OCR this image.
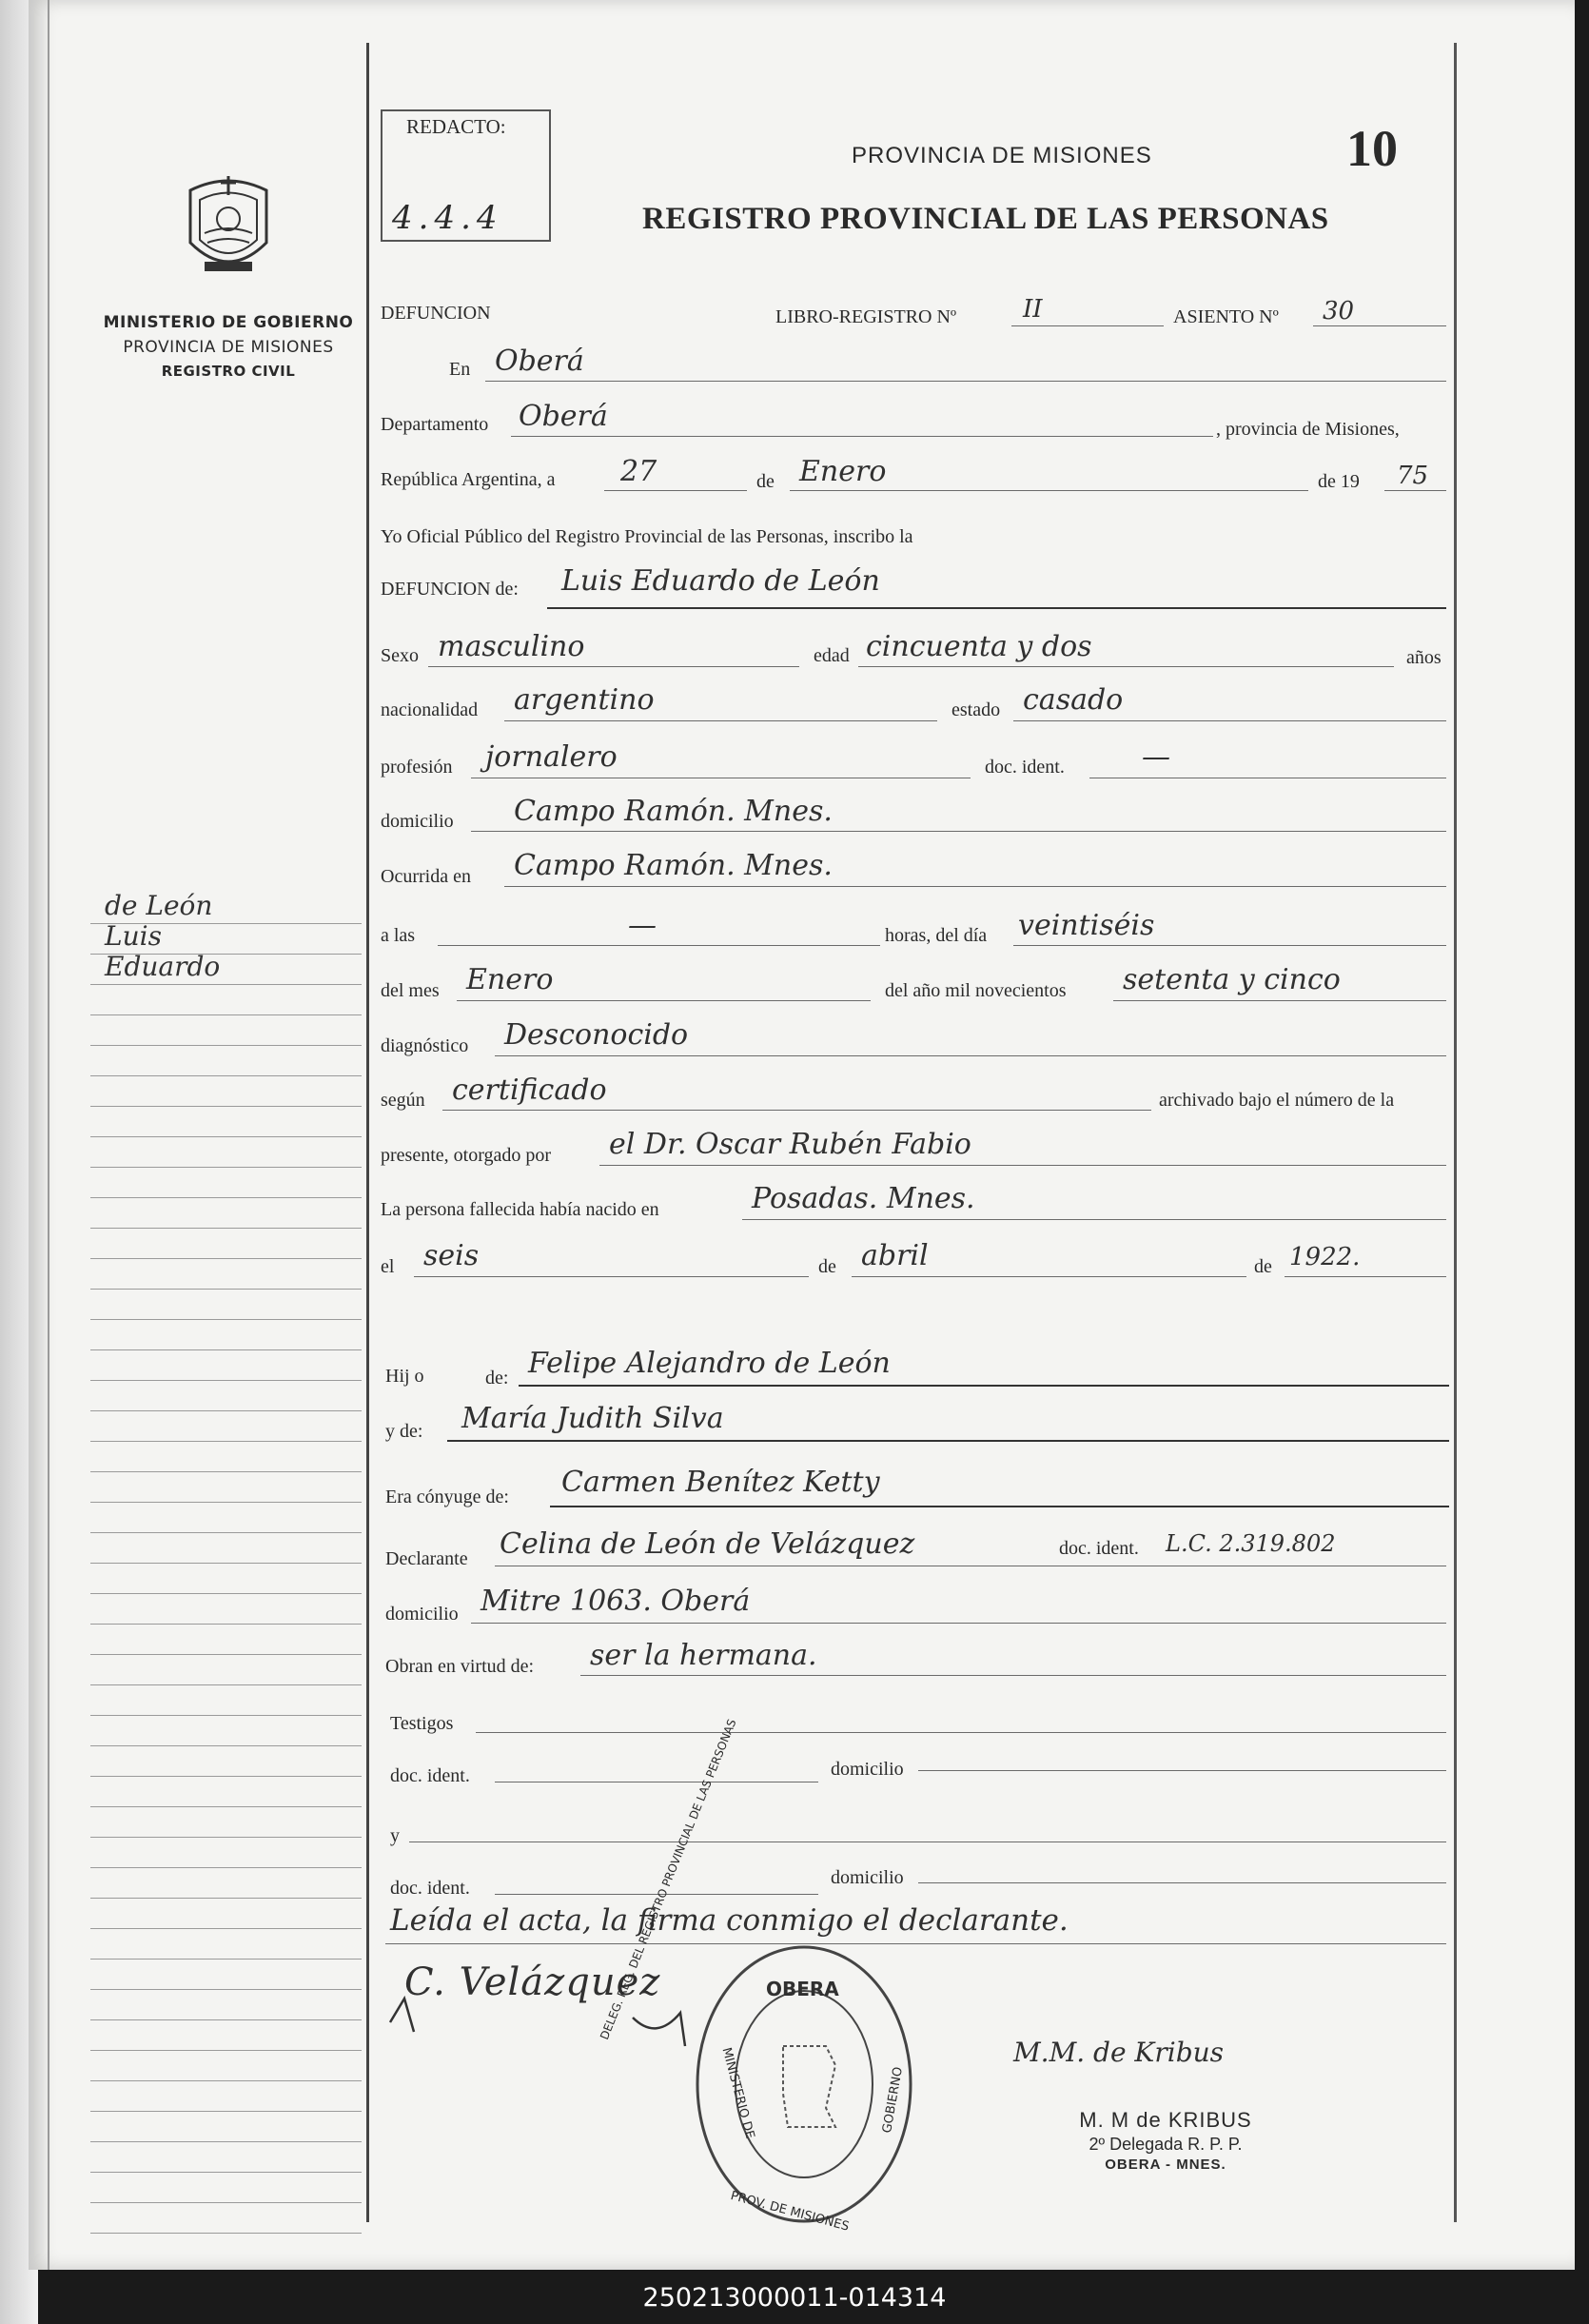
MINISTERIO DE GOBIERNO
PROVINCIA DE MISIONES
REGISTRO CIVIL
de León
Luis
Eduardo
REDACTO:
4.4.4
PROVINCIA DE MISIONES	10
REGISTRO PROVINCIAL DE LAS PERSONAS
DEFUNCION	LIBRO-REGISTRO Nº	II	ASIENTO Nº 30
En Oberá
Departamento Oberá	, provincia de Misiones,
República Argentina, a 27	de Enero	de 19 75
Yo Oficial Público del Registro Provincial de las Personas, inscribo la
DEFUNCION de: Luis Eduardo de León
Sexo masculino	edad cincuenta y dos	años
nacionalidad argentino	estado casado
profesión jornalero	doc. ident.	—
domicilio Campo Ramón. Mnes.
Ocurrida en Campo Ramón. Mnes.
a las	—	horas, del día veintiséis
del mes Enero	del año mil novecientos setenta y cinco
diagnóstico Desconocido
según certificado	archivado bajo el número de la
presente, otorgado por el Dr. Oscar Rubén Fabio
La persona fallecida había nacido en	Posadas. Mnes.
el seis	de abril	de 1922.
Hij o	de: Felipe Alejandro de León
y de: María Judith Silva
Era cónyuge de: Carmen Benítez Ketty
Declarante Celina de León de Velázquez	doc. ident. L.C. 2.319.802
domicilio Mitre 1063. Oberá
Obran en virtud de: ser la hermana.
Testigos
doc. ident.	domicilio
y
doc. ident.	domicilio
Leída el acta, la firma conmigo el declarante.
C. Velázquez	OBERA
MINISTERIO DE	GOBIERNO
PROV. DE MISIONES
M.M. de Kribus
M. M de KRIBUS
2º Delegada R. P. P.
OBERA - MNES.
250213000011-014314
